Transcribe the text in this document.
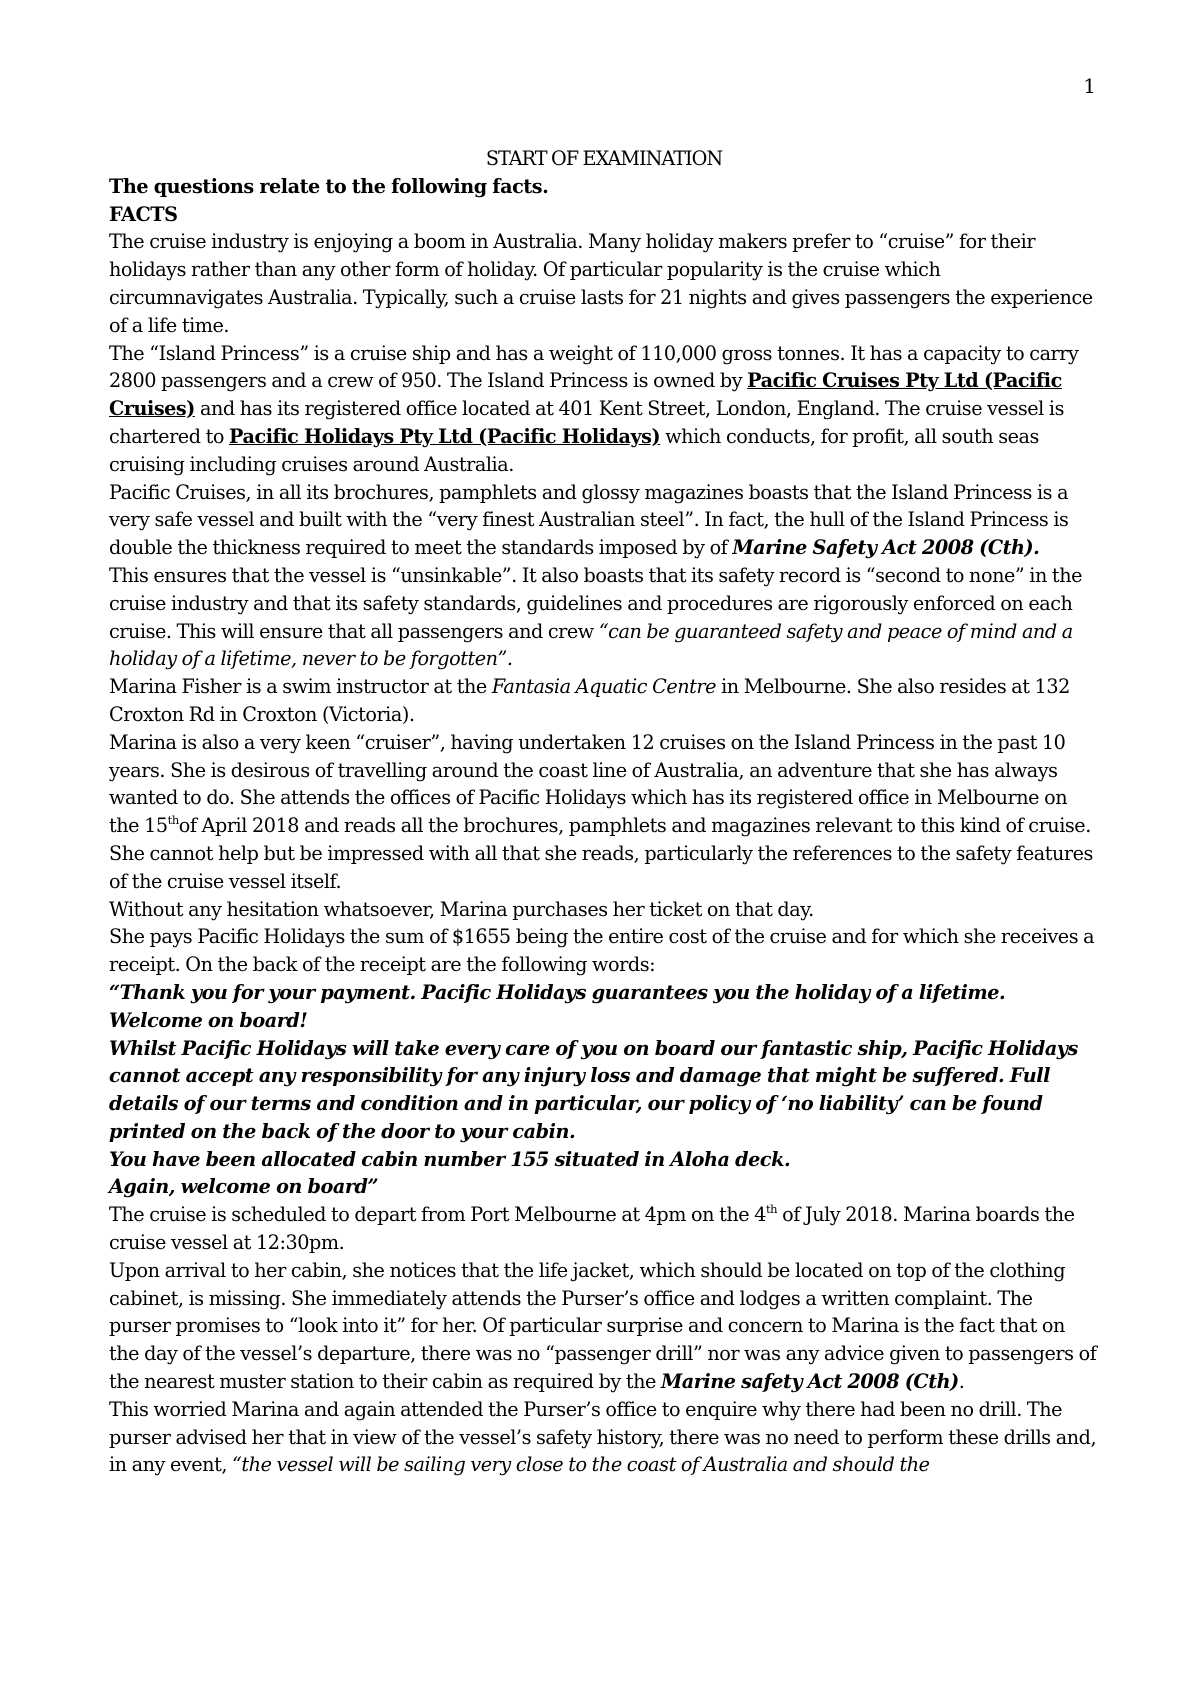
1

START OF EXAMINATION

The questions relate to the following facts.

FACTS

The cruise industry is enjoying a boom in Australia. Many holiday makers prefer to “cruise” for their holidays rather than any other form of holiday. Of particular popularity is the cruise which circumnavigates Australia. Typically, such a cruise lasts for 21 nights and gives passengers the experience of a life time.

The “Island Princess” is a cruise ship and has a weight of 110,000 gross tonnes. It has a capacity to carry 2800 passengers and a crew of 950. The Island Princess is owned by Pacific Cruises Pty Ltd (Pacific Cruises) and has its registered office located at 401 Kent Street, London, England. The cruise vessel is chartered to Pacific Holidays Pty Ltd (Pacific Holidays) which conducts, for profit, all south seas cruising including cruises around Australia.

Pacific Cruises, in all its brochures, pamphlets and glossy magazines boasts that the Island Princess is a very safe vessel and built with the “very finest Australian steel”. In fact, the hull of the Island Princess is double the thickness required to meet the standards imposed by of Marine Safety Act 2008 (Cth).

This ensures that the vessel is “unsinkable”. It also boasts that its safety record is “second to none” in the cruise industry and that its safety standards, guidelines and procedures are rigorously enforced on each cruise. This will ensure that all passengers and crew “can be guaranteed safety and peace of mind and a holiday of a lifetime, never to be forgotten”.

Marina Fisher is a swim instructor at the Fantasia Aquatic Centre in Melbourne. She also resides at 132 Croxton Rd in Croxton (Victoria).

Marina is also a very keen “cruiser”, having undertaken 12 cruises on the Island Princess in the past 10 years. She is desirous of travelling around the coast line of Australia, an adventure that she has always wanted to do. She attends the offices of Pacific Holidays which has its registered office in Melbourne on the 15thof April 2018 and reads all the brochures, pamphlets and magazines relevant to this kind of cruise. She cannot help but be impressed with all that she reads, particularly the references to the safety features of the cruise vessel itself.

Without any hesitation whatsoever, Marina purchases her ticket on that day.

She pays Pacific Holidays the sum of $1655 being the entire cost of the cruise and for which she receives a receipt. On the back of the receipt are the following words:

“Thank you for your payment. Pacific Holidays guarantees you the holiday of a lifetime. Welcome on board!

Whilst Pacific Holidays will take every care of you on board our fantastic ship, Pacific Holidays cannot accept any responsibility for any injury loss and damage that might be suffered. Full details of our terms and condition and in particular, our policy of ‘no liability’ can be found printed on the back of the door to your cabin.

You have been allocated cabin number 155 situated in Aloha deck.

Again, welcome on board”

The cruise is scheduled to depart from Port Melbourne at 4pm on the 4th of July 2018. Marina boards the cruise vessel at 12:30pm.

Upon arrival to her cabin, she notices that the life jacket, which should be located on top of the clothing cabinet, is missing. She immediately attends the Purser’s office and lodges a written complaint. The purser promises to “look into it” for her. Of particular surprise and concern to Marina is the fact that on the day of the vessel’s departure, there was no “passenger drill” nor was any advice given to passengers of the nearest muster station to their cabin as required by the Marine safety Act 2008 (Cth).

This worried Marina and again attended the Purser’s office to enquire why there had been no drill. The purser advised her that in view of the vessel’s safety history, there was no need to perform these drills and, in any event, “the vessel will be sailing very close to the coast of Australia and should the
